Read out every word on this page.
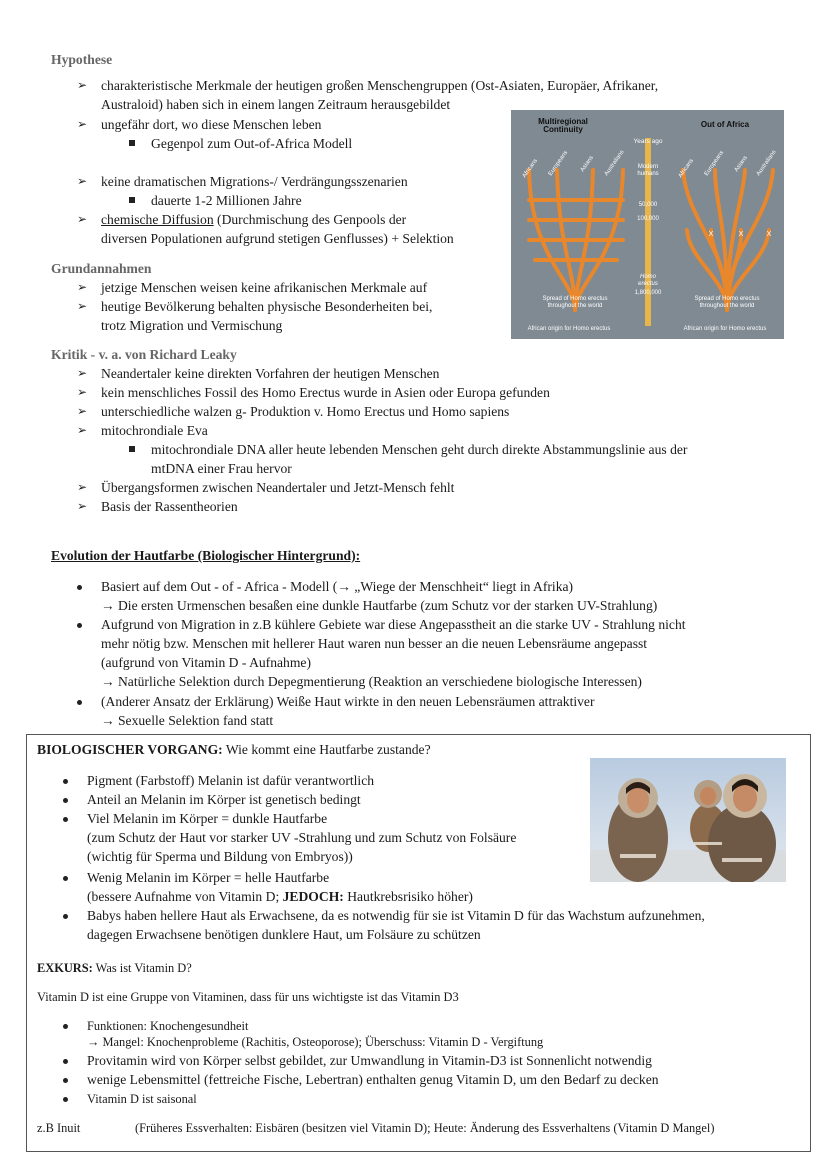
Hypothese
➢ charakteristische Merkmale der heutigen großen Menschengruppen (Ost-Asiaten, Europäer, Afrikaner,
Australoid) haben sich in einem langen Zeitraum herausgebildet
➢ ungefähr dort, wo diese Menschen leben
Gegenpol zum Out-of-Africa Modell
➢ keine dramatischen Migrations-/ Verdrängungsszenarien
dauerte 1-2 Millionen Jahre
➢ chemische Diffusion (Durchmischung des Genpools der
diversen Populationen aufgrund stetigen Genflusses) + Selektion
Multiregional Continuity
Out of Africa
Years ago
Modern humans
50,000
100,000
Homo erectus
1,800,000
X	X	X
Africans Europeans Asians Australians	Africans Europeans Asians Australians
Spread of Homo erectus throughout the world
Spread of Homo erectus throughout the world
African origin for Homo erectus	African origin for Homo erectus
Grundannahmen
➢ jetzige Menschen weisen keine afrikanischen Merkmale auf
➢ heutige Bevölkerung behalten physische Besonderheiten bei,
trotz Migration und Vermischung
Kritik - v. a. von Richard Leaky
➢ Neandertaler keine direkten Vorfahren der heutigen Menschen
➢ kein menschliches Fossil des Homo Erectus wurde in Asien oder Europa gefunden
➢ unterschiedliche walzen g- Produktion v. Homo Erectus und Homo sapiens
➢ mitochrondiale Eva
mitochrondiale DNA aller heute lebenden Menschen geht durch direkte Abstammungslinie aus der
mtDNA einer Frau hervor
➢ Übergangsformen zwischen Neandertaler und Jetzt-Mensch fehlt
➢ Basis der Rassentheorien
Evolution der Hautfarbe (Biologischer Hintergrund):
Basiert auf dem Out - of - Africa - Modell (→ „Wiege der Menschheit“ liegt in Afrika)
→ Die ersten Urmenschen besaßen eine dunkle Hautfarbe (zum Schutz vor der starken UV-Strahlung)
Aufgrund von Migration in z.B kühlere Gebiete war diese Angepasstheit an die starke UV - Strahlung nicht
mehr nötig bzw. Menschen mit hellerer Haut waren nun besser an die neuen Lebensräume angepasst
(aufgrund von Vitamin D - Aufnahme)
→ Natürliche Selektion durch Depegmentierung (Reaktion an verschiedene biologische Interessen)
(Anderer Ansatz der Erklärung) Weiße Haut wirkte in den neuen Lebensräumen attraktiver
→ Sexuelle Selektion fand statt
BIOLOGISCHER VORGANG: Wie kommt eine Hautfarbe zustande?
Pigment (Farbstoff) Melanin ist dafür verantwortlich
Anteil an Melanin im Körper ist genetisch bedingt
Viel Melanin im Körper = dunkle Hautfarbe
(zum Schutz der Haut vor starker UV -Strahlung und zum Schutz von Folsäure
(wichtig für Sperma und Bildung von Embryos))
Wenig Melanin im Körper = helle Hautfarbe
(bessere Aufnahme von Vitamin D; JEDOCH: Hautkrebsrisiko höher)
Babys haben hellere Haut als Erwachsene, da es notwendig für sie ist Vitamin D für das Wachstum aufzunehmen,
dagegen Erwachsene benötigen dunklere Haut, um Folsäure zu schützen
EXKURS: Was ist Vitamin D?
Vitamin D ist eine Gruppe von Vitaminen, dass für uns wichtigste ist das Vitamin D3
Funktionen: Knochengesundheit
→ Mangel: Knochenprobleme (Rachitis, Osteoporose); Überschuss: Vitamin D - Vergiftung
Provitamin wird von Körper selbst gebildet, zur Umwandlung in Vitamin-D3 ist Sonnenlicht notwendig
wenige Lebensmittel (fettreiche Fische, Lebertran) enthalten genug Vitamin D, um den Bedarf zu decken
Vitamin D ist saisonal
z.B Inuit	(Früheres Essverhalten: Eisbären (besitzen viel Vitamin D); Heute: Änderung des Essverhaltens (Vitamin D Mangel)
